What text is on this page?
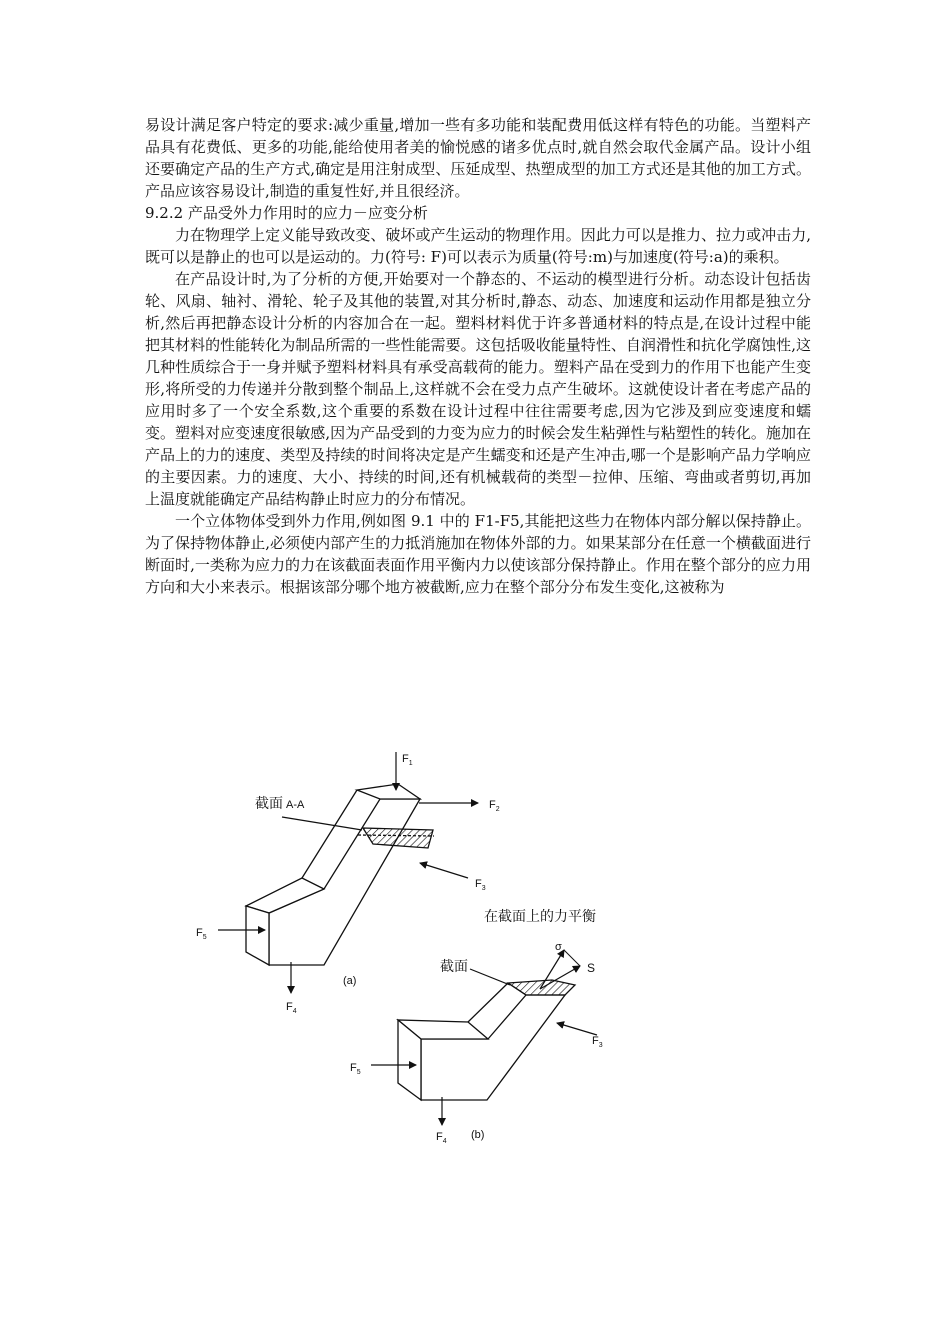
易设计满足客户特定的要求:减少重量,增加一些有多功能和装配费用低这样有特色的功能。当塑料产品具有花费低、更多的功能,能给使用者美的愉悦感的诸多优点时,就自然会取代金属产品。设计小组还要确定产品的生产方式,确定是用注射成型、压延成型、热塑成型的加工方式还是其他的加工方式。产品应该容易设计,制造的重复性好,并且很经济。

9.2.2 产品受外力作用时的应力－应变分析

力在物理学上定义能导致改变、破坏或产生运动的物理作用。因此力可以是推力、拉力或冲击力,既可以是静止的也可以是运动的。力(符号: F)可以表示为质量(符号:m)与加速度(符号:a)的乘积。

在产品设计时,为了分析的方便,开始要对一个静态的、不运动的模型进行分析。动态设计包括齿轮、风扇、轴衬、滑轮、轮子及其他的装置,对其分析时,静态、动态、加速度和运动作用都是独立分析,然后再把静态设计分析的内容加合在一起。塑料材料优于许多普通材料的特点是,在设计过程中能把其材料的性能转化为制品所需的一些性能需要。这包括吸收能量特性、自润滑性和抗化学腐蚀性,这几种性质综合于一身并赋予塑料材料具有承受高载荷的能力。塑料产品在受到力的作用下也能产生变形,将所受的力传递并分散到整个制品上,这样就不会在受力点产生破坏。这就使设计者在考虑产品的应用时多了一个安全系数,这个重要的系数在设计过程中往往需要考虑,因为它涉及到应变速度和蠕变。塑料对应变速度很敏感,因为产品受到的力变为应力的时候会发生粘弹性与粘塑性的转化。施加在产品上的力的速度、类型及持续的时间将决定是产生蠕变和还是产生冲击,哪一个是影响产品力学响应的主要因素。力的速度、大小、持续的时间,还有机械载荷的类型－拉伸、压缩、弯曲或者剪切,再加上温度就能确定产品结构静止时应力的分布情况。

一个立体物体受到外力作用,例如图 9.1 中的 F1-F5,其能把这些力在物体内部分解以保持静止。为了保持物体静止,必须使内部产生的力抵消施加在物体外部的力。如果某部分在任意一个横截面进行断面时,一类称为应力的力在该截面表面作用平衡内力以使该部分保持静止。作用在整个部分的应力用方向和大小来表示。根据该部分哪个地方被截断,应力在整个部分分布发生变化,这被称为

截面 A-A
$F_1$
$F_2$
$F_3$
$F_5$
$F_4$
(a)
在截面上的力平衡
截面
σ
S
$F_3$
$F_5$
$F_4$
(b)
